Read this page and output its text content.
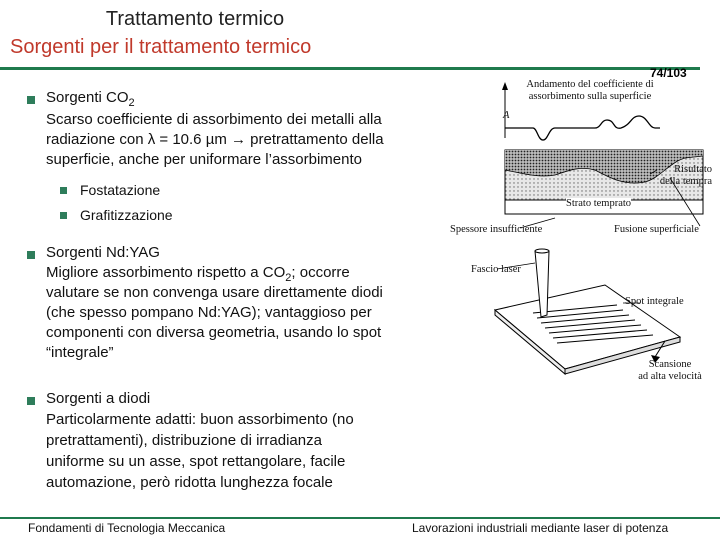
Trattamento termico
Sorgenti per il trattamento termico
74/103
Sorgenti $CO_2$
Scarso coefficiente di assorbimento dei metalli alla
radiazione con λ = 10.6 µm → pretrattamento della
superficie, anche per uniformare l’assorbimento
Fostatazione
Grafitizzazione
Sorgenti Nd:YAG
Migliore assorbimento rispetto a $CO_2$; occorre
valutare se non convenga usare direttamente diodi
(che spesso pompano Nd:YAG); vantaggioso per
componenti con diversa geometria, usando lo spot
“integrale”
Sorgenti a diodi
Particolarmente adatti: buon assorbimento (no
pretrattamenti), distribuzione di irradianza
uniforme su un asse, spot rettangolare, facile
automazione, però ridotta lunghezza focale
Andamento del coefficiente di
assorbimento sulla superficie
A
Risultato
della tempra
Strato temprato
Spessore insufficiente	Fusione superficiale
Fascio laser
Spot integrale
Scansione
ad alta velocità
Fondamenti di Tecnologia Meccanica	Lavorazioni industriali mediante laser di potenza
